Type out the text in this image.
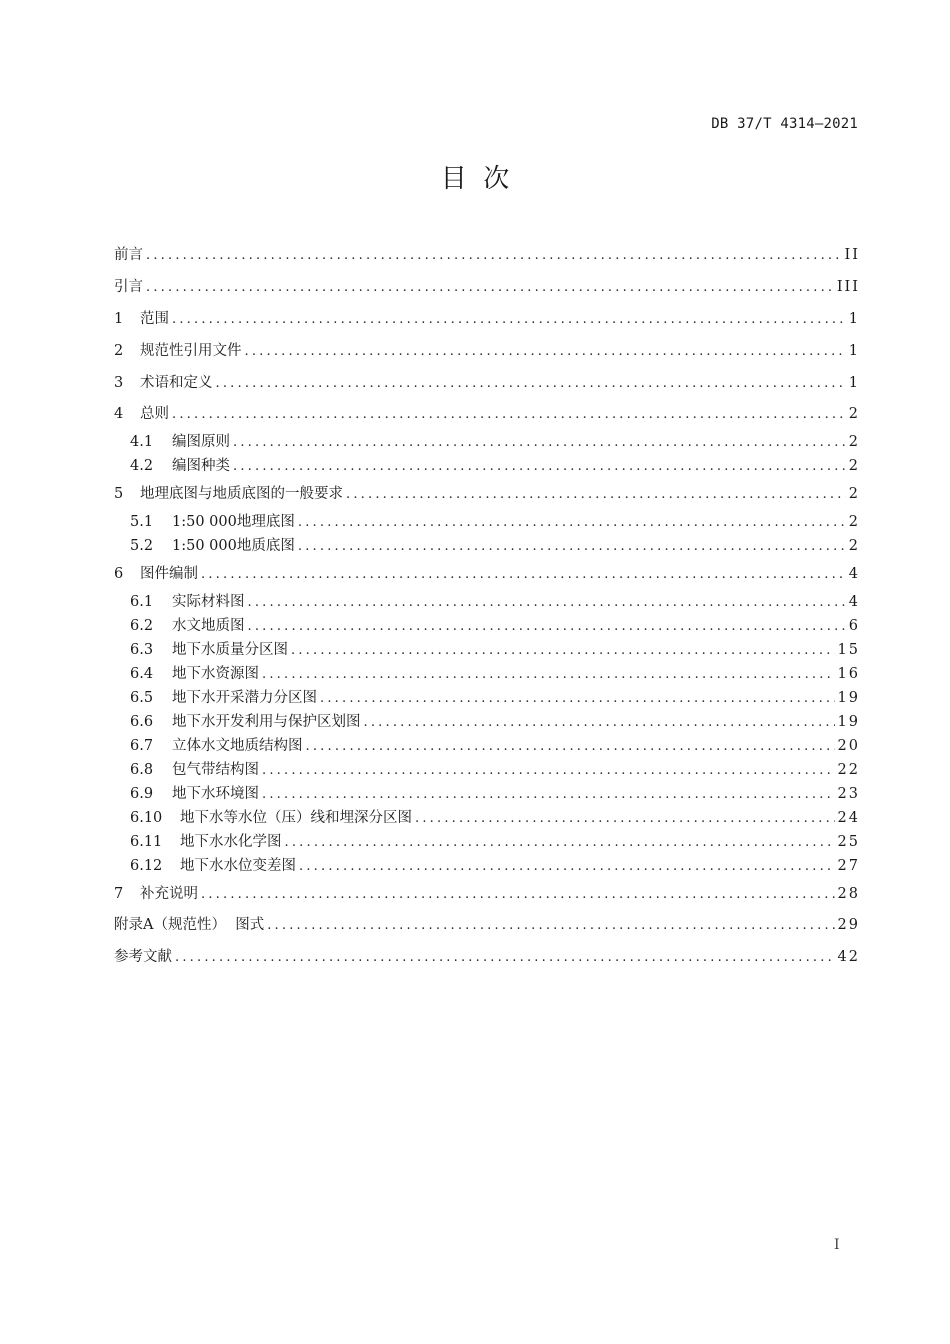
DB 37/T 4314—2021
目  次
前言 .....	II
引言 .....	III
1	范围 .....	1
2	规范性引用文件 .....	1
3	术语和定义 .....	1
4	总则 .....	2
4.1	编图原则 .....	2
4.2	编图种类 .....	2
5	地理底图与地质底图的一般要求 .....	2
5.1	1:50 000地理底图 .....	2
5.2	1:50 000地质底图 .....	2
6	图件编制 .....	4
6.1	实际材料图 .....	4
6.2	水文地质图 .....	6
6.3	地下水质量分区图 .....	15
6.4	地下水资源图 .....	16
6.5	地下水开采潜力分区图 .....	19
6.6	地下水开发利用与保护区划图 .....	19
6.7	立体水文地质结构图 .....	20
6.8	包气带结构图 .....	22
6.9	地下水环境图 .....	23
6.10	地下水等水位（压）线和埋深分区图 .....	24
6.11	地下水水化学图 .....	25
6.12	地下水水位变差图 .....	27
7	补充说明 .....	28
附录A（规范性）  图式 .....	29
参考文献 .....	42
I
